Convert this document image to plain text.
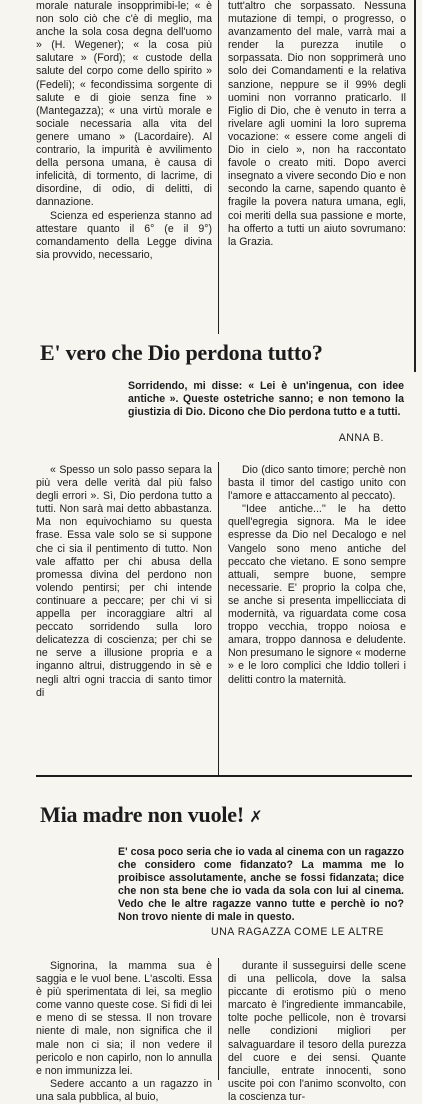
morale naturale insopprimibi-le; « è non solo ciò che c'è di meglio, ma anche la sola cosa degna dell'uomo » (H. Wegener); « la cosa più salutare » (Ford); « custode della salute del corpo come dello spirito » (Fedeli); « fecondissima sorgente di salute e di gioie senza fine » (Mantegazza); « una virtù morale e sociale necessaria alla vita del genere umano » (Lacordaire). Al contrario, la impurità è avvilimento della persona umana, è causa di infelicità, di tormento, di lacrime, di disordine, di odio, di delitti, di dannazione.

Scienza ed esperienza stanno ad attestare quanto il 6° (e il 9°) comandamento della Legge divina sia provvido, necessario,

tutt'altro che sorpassato. Nessuna mutazione di tempi, o progresso, o avanzamento del male, varrà mai a render la purezza inutile o sorpassata. Dio non sopprimerà uno solo dei Comandamenti e la relativa sanzione, neppure se il 99% degli uomini non vorranno praticarlo. Il Figlio di Dio, che è venuto in terra a rivelare agli uomini la loro suprema vocazione: « essere come angeli di Dio in cielo », non ha raccontato favole o creato miti. Dopo averci insegnato a vivere secondo Dio e non secondo la carne, sapendo quanto è fragile la povera natura umana, egli, coi meriti della sua passione e morte, ha offerto a tutti un aiuto sovrumano: la Grazia.

E' vero che Dio perdona tutto?
Sorridendo, mi disse: « Lei è un'ingenua, con idee antiche ». Queste ostetriche sanno; e non temono la giustizia di Dio. Dicono che Dio perdona tutto e a tutti.
ANNA B.

« Spesso un solo passo separa la più vera delle verità dal più falso degli errori ». Sì, Dio perdona tutto a tutti. Non sarà mai detto abbastanza. Ma non equivochiamo su questa frase. Essa vale solo se si suppone che ci sia il pentimento di tutto. Non vale affatto per chi abusa della promessa divina del perdono non volendo pentirsi; per chi intende continuare a peccare; per chi vi si appella per incoraggiare altri al peccato sorridendo sulla loro delicatezza di coscienza; per chi se ne serve a illusione propria e a inganno altrui, distruggendo in sè e negli altri ogni traccia di santo timor di

Dio (dico santo timore; perchè non basta il timor del castigo unito con l'amore e attaccamento al peccato).

''Idee antiche...'' le ha detto quell'egregia signora. Ma le idee espresse da Dio nel Decalogo e nel Vangelo sono meno antiche del peccato che vietano. E sono sempre attuali, sempre buone, sempre necessarie. E' proprio la colpa che, se anche si presenta impellicciata di modernità, va riguardata come cosa troppo vecchia, troppo noiosa e amara, troppo dannosa e deludente. Non presumano le signore « moderne » e le loro complici che Iddio tolleri i delitti contro la maternità.

Mia madre non vuole! ✗
E' cosa poco seria che io vada al cinema con un ragazzo che considero come fidanzato? La mamma me lo proibisce assolutamente, anche se fossi fidanzata; dice che non sta bene che io vada da sola con lui al cinema. Vedo che le altre ragazze vanno tutte e perchè io no? Non trovo niente di male in questo.
UNA RAGAZZA COME LE ALTRE

Signorina, la mamma sua è saggia e le vuol bene. L'ascolti. Essa è più sperimentata di lei, sa meglio come vanno queste cose. Si fidi di lei e meno di se stessa. Il non trovare niente di male, non significa che il male non ci sia; il non vedere il pericolo e non capirlo, non lo annulla e non immunizza lei.

Sedere accanto a un ragazzo in una sala pubblica, al buio,

durante il susseguirsi delle scene di una pellicola, dove la salsa piccante di erotismo più o meno marcato è l'ingrediente immancabile, tolte poche pellicole, non è trovarsi nelle condizioni migliori per salvaguardare il tesoro della purezza del cuore e dei sensi. Quante fanciulle, entrate innocenti, sono uscite poi con l'animo sconvolto, con la coscienza tur-
